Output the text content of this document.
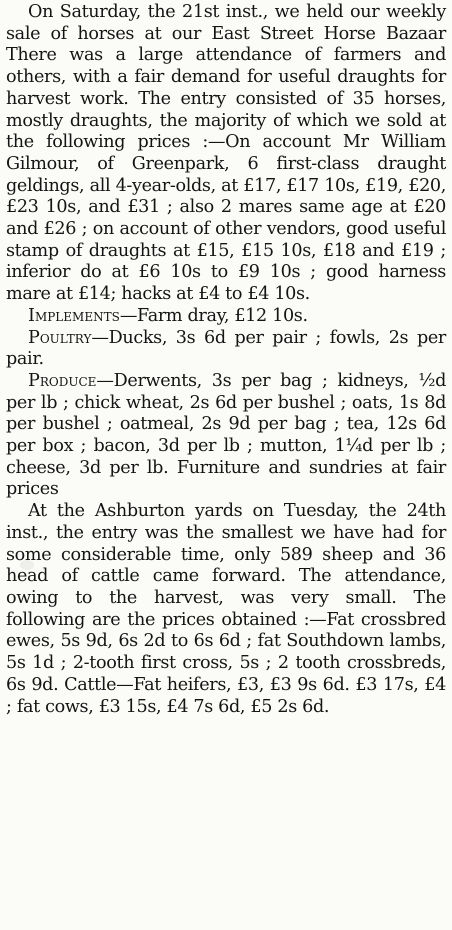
On Saturday, the 21st inst., we held our weekly sale of horses at our East Street Horse Bazaar There was a large attendance of farmers and others, with a fair demand for useful draughts for harvest work. The entry consisted of 35 horses, mostly draughts, the majority of which we sold at the following prices :—On account Mr William Gilmour, of Greenpark, 6 first-class draught geldings, all 4-year-olds, at £17, £17 10s, £19, £20, £23 10s, and £31 ; also 2 mares same age at £20 and £26 ; on account of other vendors, good useful stamp of draughts at £15, £15 10s, £18 and £19 ; inferior do at £6 10s to £9 10s ; good harness mare at £14; hacks at £4 to £4 10s.

Implements—Farm dray, £12 10s.

Poultry—Ducks, 3s 6d per pair ; fowls, 2s per pair.

Produce—Derwents, 3s per bag ; kidneys, ½d per lb ; chick wheat, 2s 6d per bushel ; oats, 1s 8d per bushel ; oatmeal, 2s 9d per bag ; tea, 12s 6d per box ; bacon, 3d per lb ; mutton, 1¼d per lb ; cheese, 3d per lb. Furniture and sundries at fair prices

At the Ashburton yards on Tuesday, the 24th inst., the entry was the smallest we have had for some considerable time, only 589 sheep and 36 head of cattle came forward. The attendance, owing to the harvest, was very small. The following are the prices obtained :—Fat crossbred ewes, 5s 9d, 6s 2d to 6s 6d ; fat Southdown lambs, 5s 1d ; 2-tooth first cross, 5s ; 2 tooth crossbreds, 6s 9d. Cattle—Fat heifers, £3, £3 9s 6d. £3 17s, £4 ; fat cows, £3 15s, £4 7s 6d, £5 2s 6d.
